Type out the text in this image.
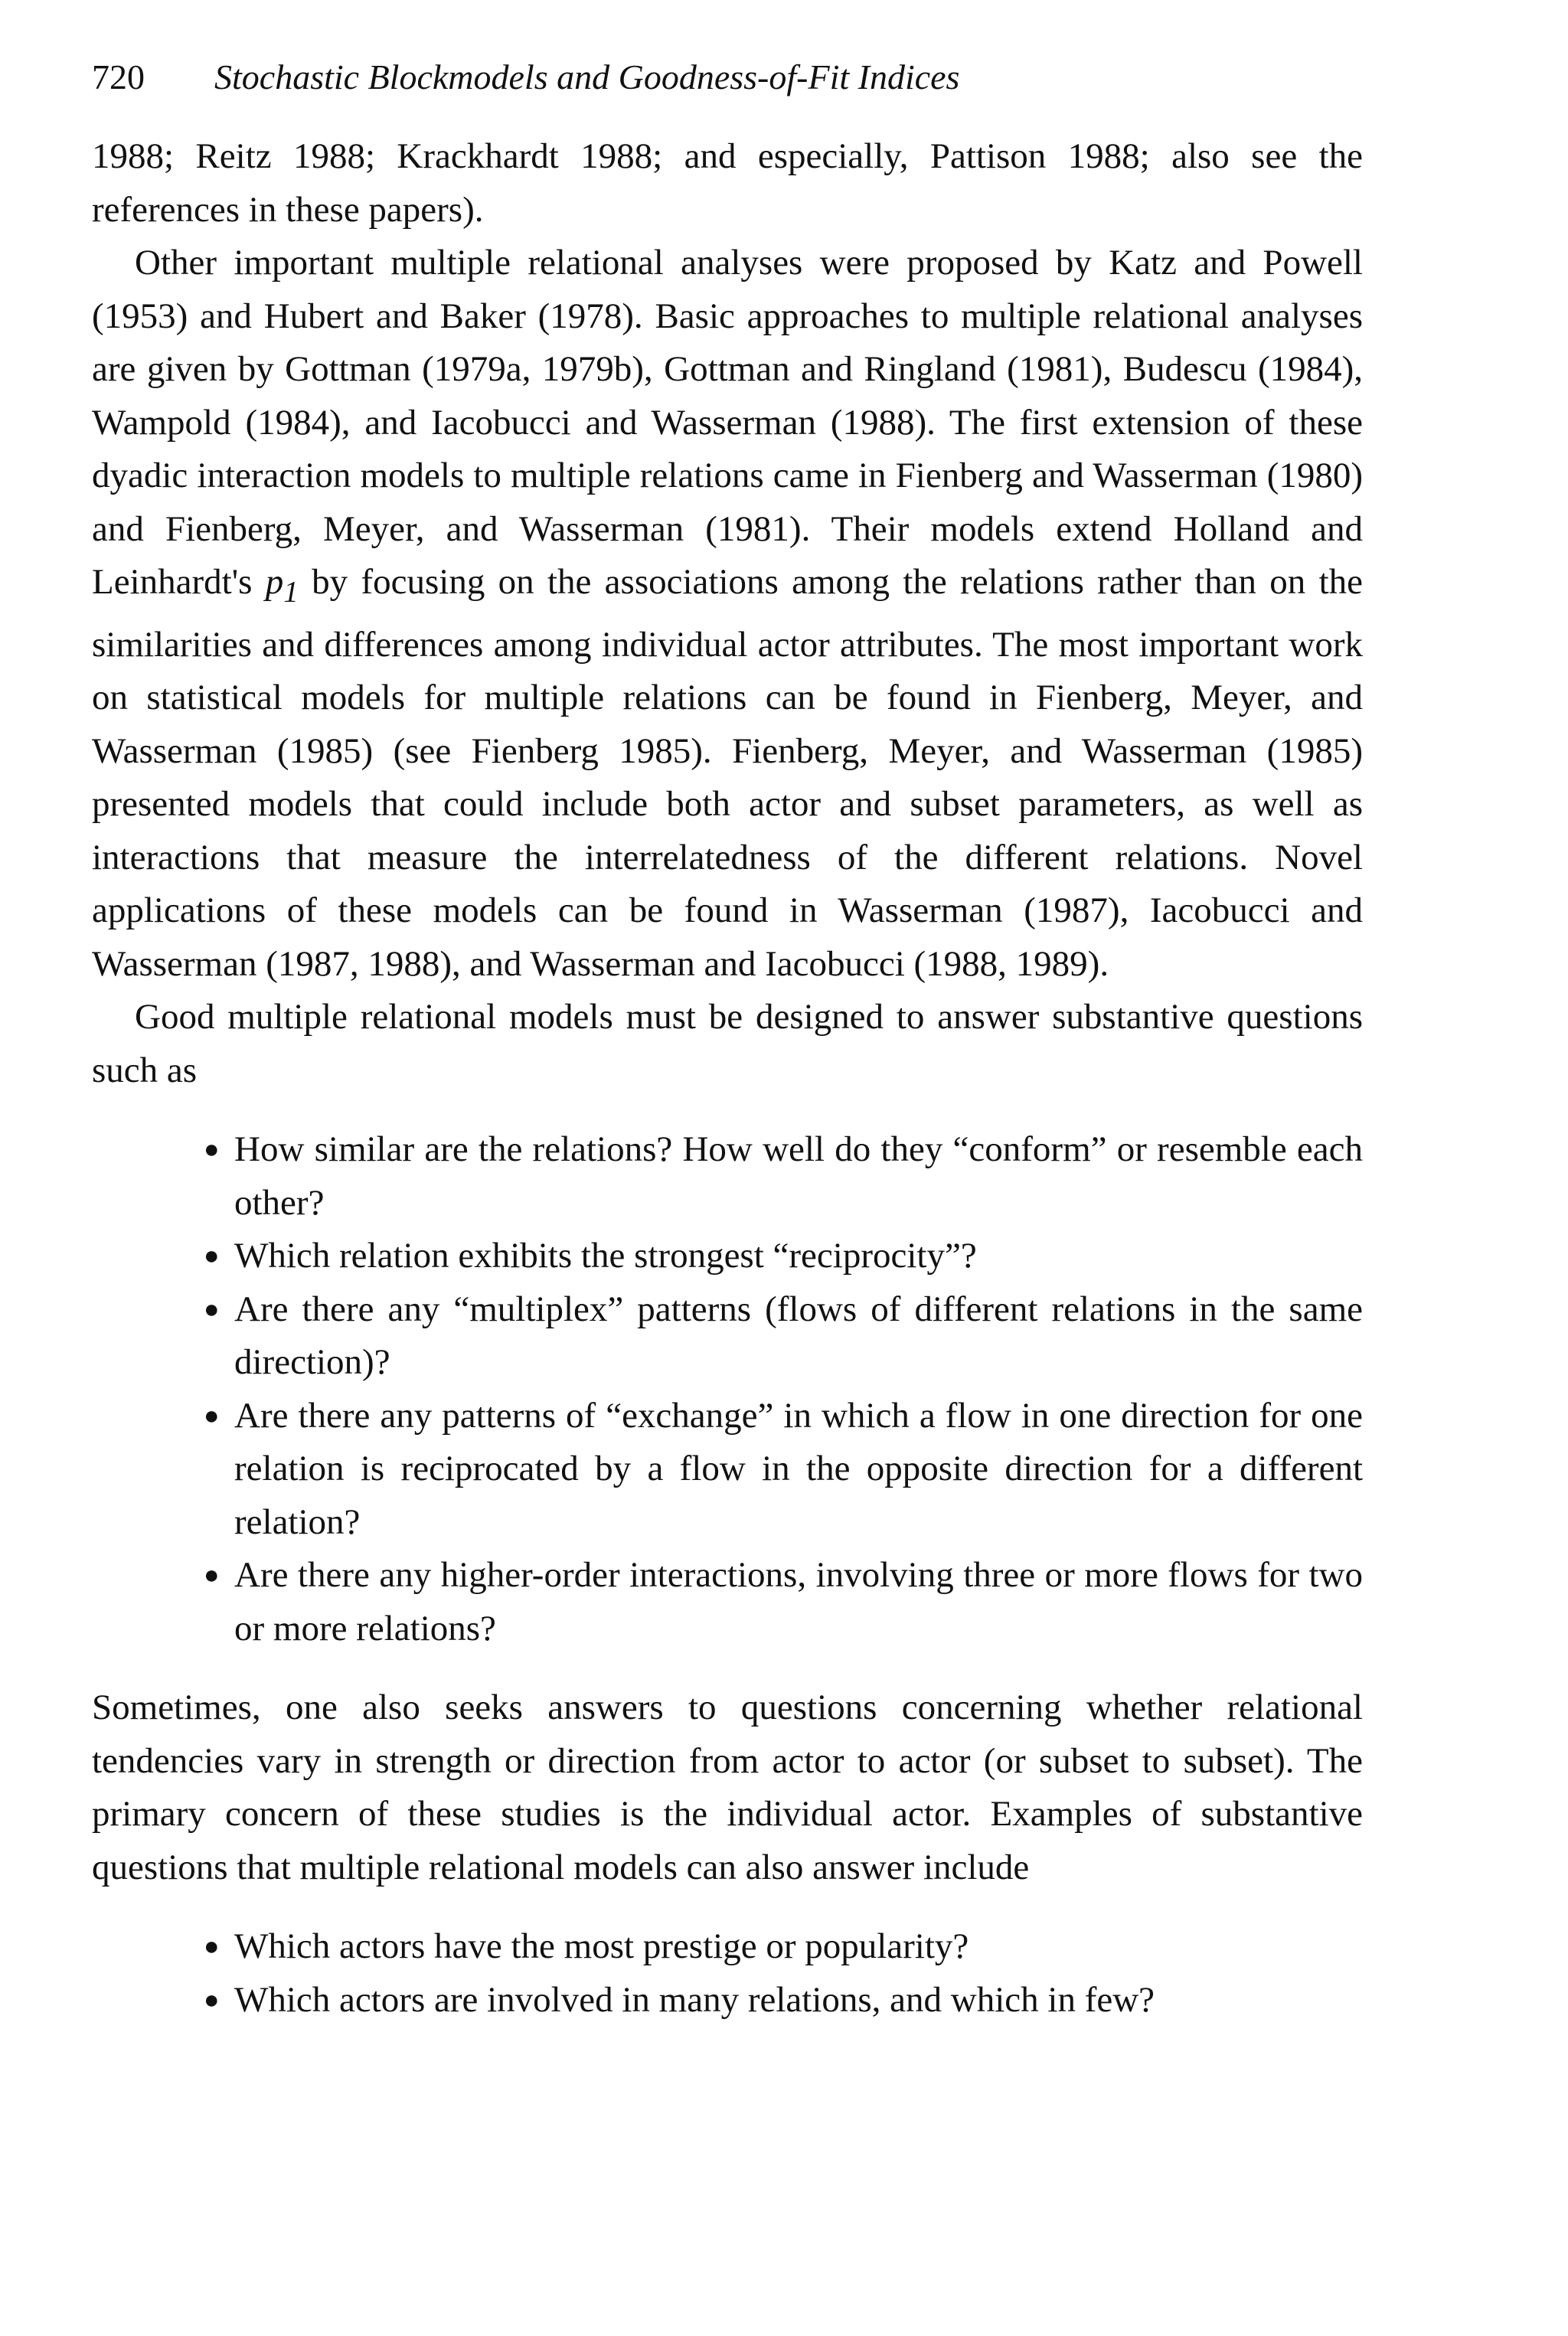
720 Stochastic Blockmodels and Goodness-of-Fit Indices

1988; Reitz 1988; Krackhardt 1988; and especially, Pattison 1988; also see the references in these papers).

Other important multiple relational analyses were proposed by Katz and Powell (1953) and Hubert and Baker (1978). Basic approaches to multiple relational analyses are given by Gottman (1979a, 1979b), Gottman and Ringland (1981), Budescu (1984), Wampold (1984), and Iacobucci and Wasserman (1988). The first extension of these dyadic interaction models to multiple relations came in Fienberg and Wasserman (1980) and Fienberg, Meyer, and Wasserman (1981). Their models extend Holland and Leinhardt's $p_1$ by focusing on the associations among the relations rather than on the similarities and differences among individual actor attributes. The most important work on statistical models for multiple relations can be found in Fienberg, Meyer, and Wasserman (1985) (see Fienberg 1985). Fienberg, Meyer, and Wasserman (1985) presented models that could include both actor and subset parameters, as well as interactions that measure the interrelatedness of the different relations. Novel applications of these models can be found in Wasserman (1987), Iacobucci and Wasserman (1987, 1988), and Wasserman and Iacobucci (1988, 1989).

Good multiple relational models must be designed to answer substantive questions such as

● How similar are the relations? How well do they “conform” or resemble each other?
● Which relation exhibits the strongest “reciprocity”?
● Are there any “multiplex” patterns (flows of different relations in the same direction)?
● Are there any patterns of “exchange” in which a flow in one direction for one relation is reciprocated by a flow in the opposite direction for a different relation?
● Are there any higher-order interactions, involving three or more flows for two or more relations?

Sometimes, one also seeks answers to questions concerning whether relational tendencies vary in strength or direction from actor to actor (or subset to subset). The primary concern of these studies is the individual actor. Examples of substantive questions that multiple relational models can also answer include

● Which actors have the most prestige or popularity?
● Which actors are involved in many relations, and which in few?
